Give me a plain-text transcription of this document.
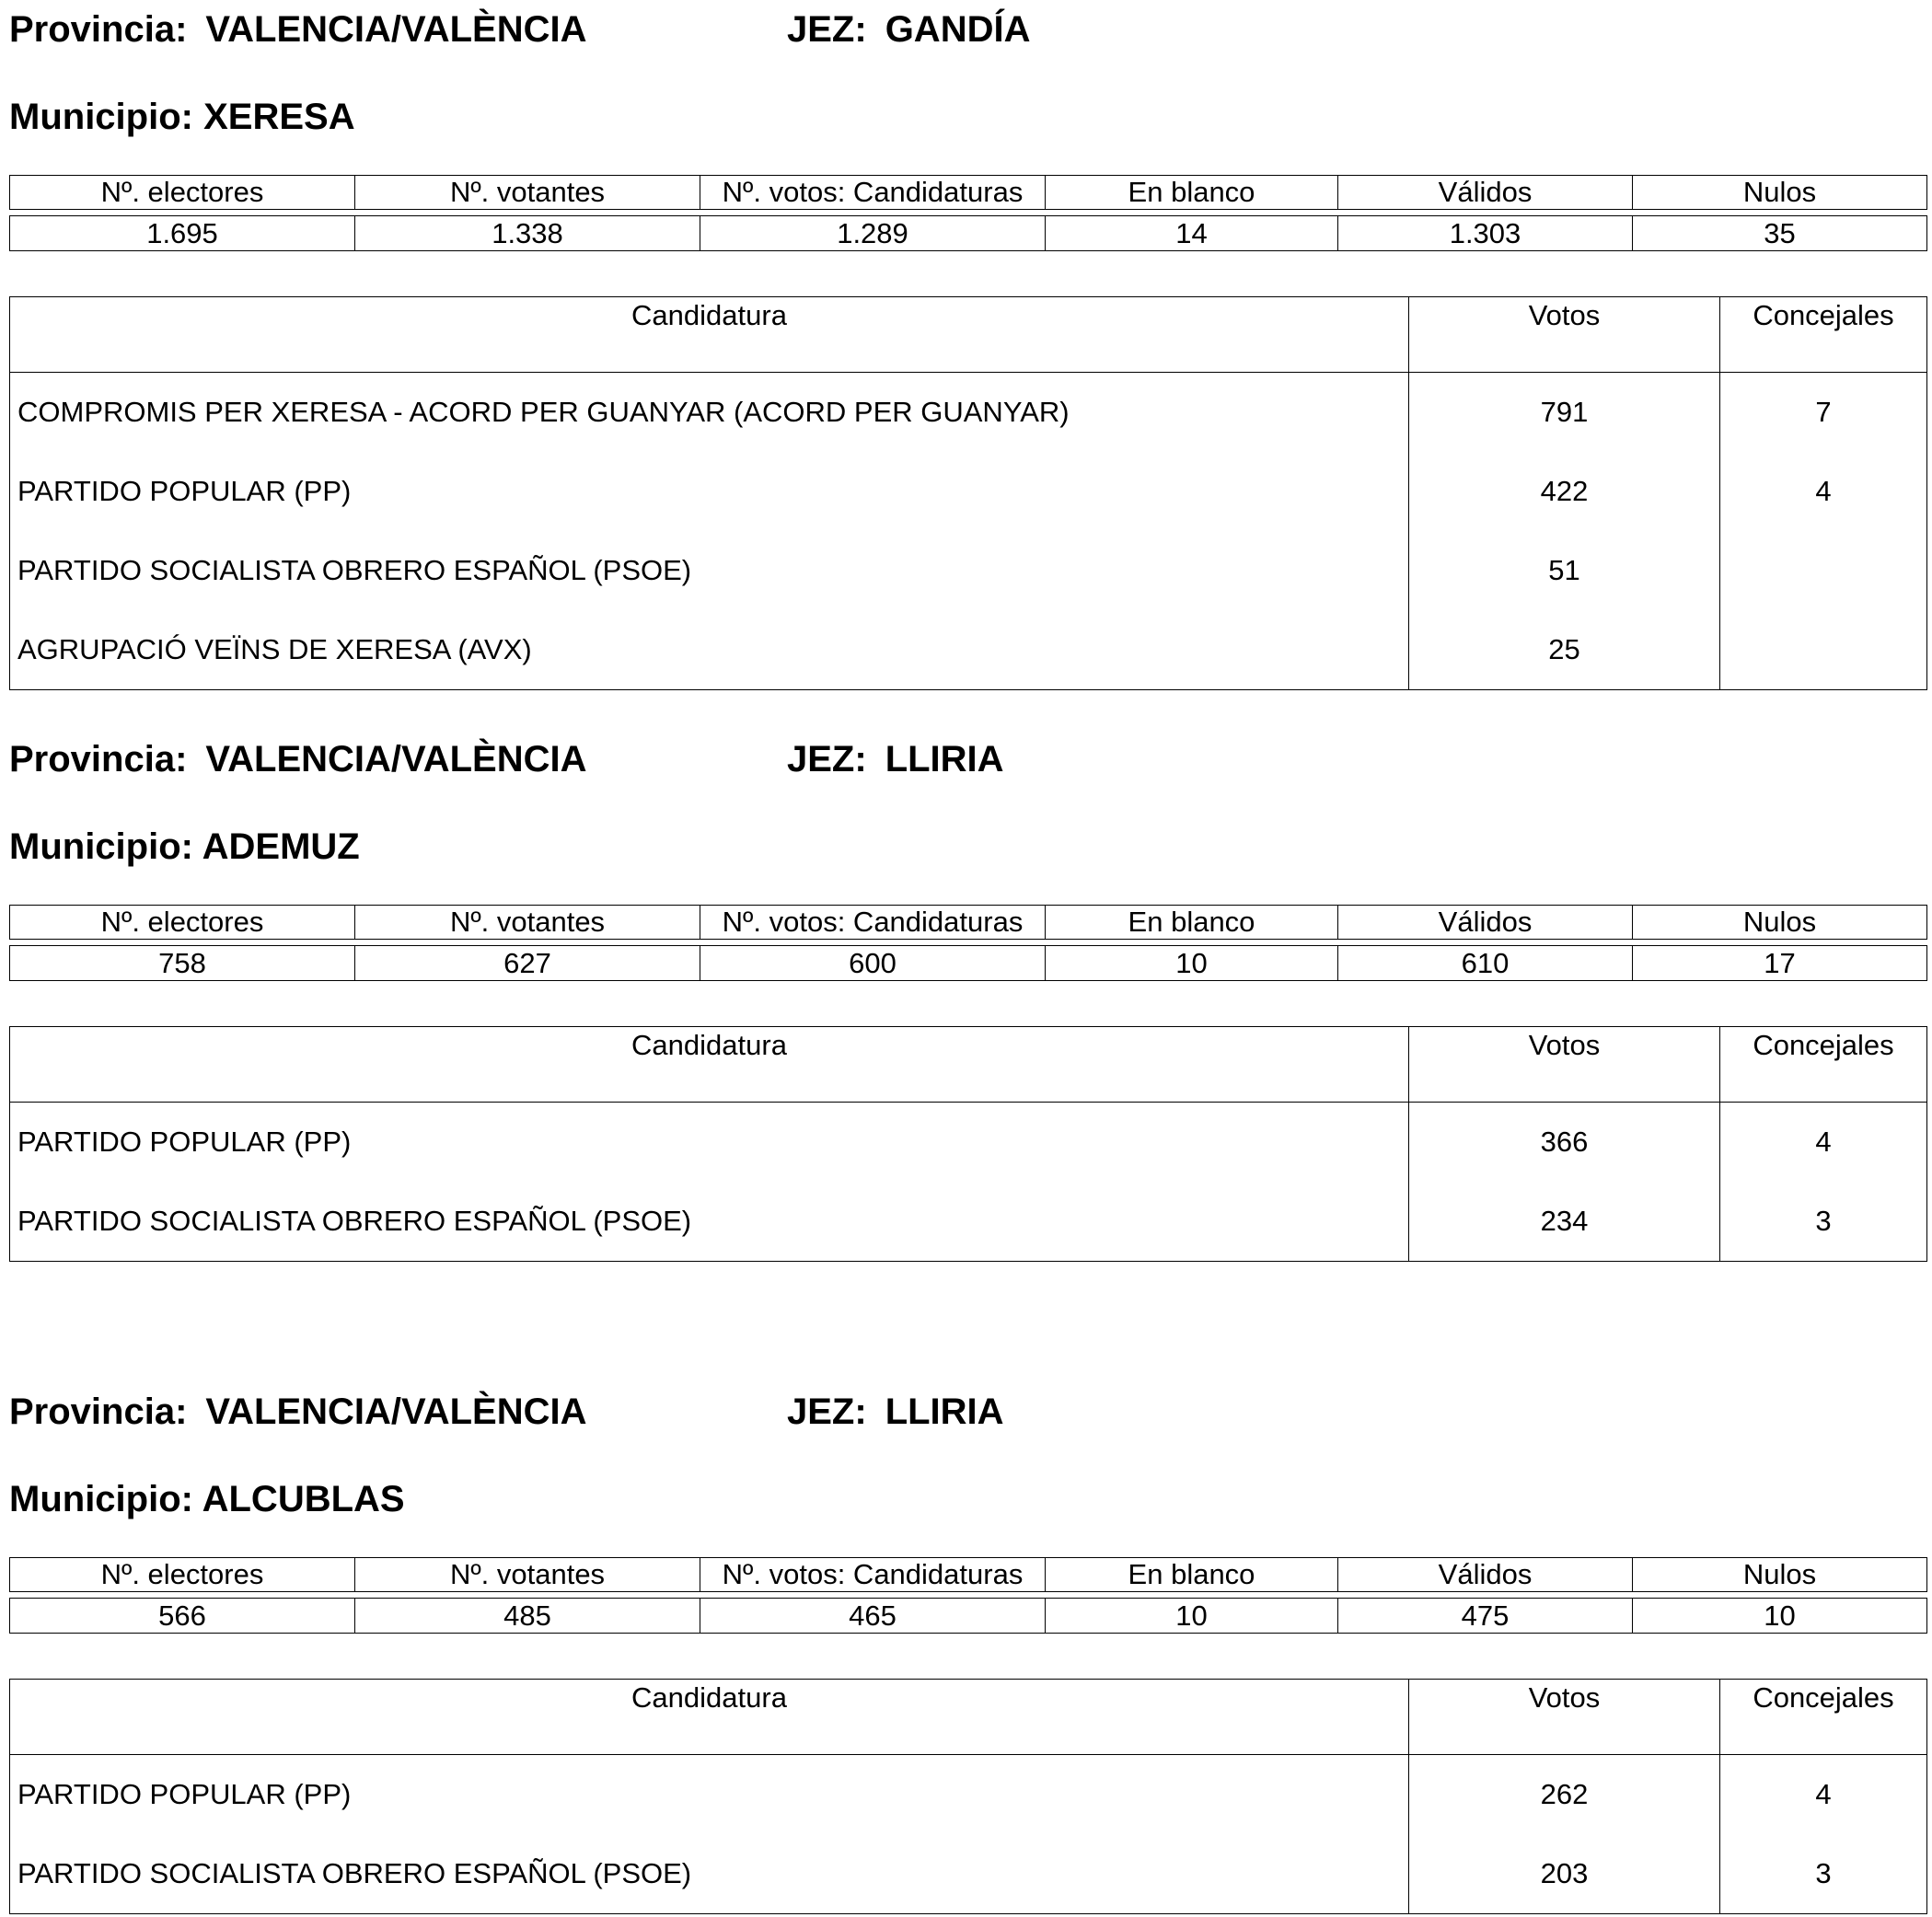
Provincia: VALENCIA/VALÈNCIA	JEZ: GANDÍA
Municipio: XERESA
Nº. electores	Nº. votantes	Nº. votos: Candidaturas	En blanco	Válidos	Nulos

1.695	1.338	1.289	14	1.303	35
Candidatura	Votos	Concejales
COMPROMIS PER XERESA - ACORD PER GUANYAR (ACORD PER GUANYAR)	791	7
PARTIDO POPULAR (PP)	422	4
PARTIDO SOCIALISTA OBRERO ESPAÑOL (PSOE)	51	
AGRUPACIÓ VEÏNS DE XERESA (AVX)	25	
Provincia: VALENCIA/VALÈNCIA	JEZ: LLIRIA
Municipio: ADEMUZ
Nº. electores	Nº. votantes	Nº. votos: Candidaturas	En blanco	Válidos	Nulos

758	627	600	10	610	17
Candidatura	Votos	Concejales
PARTIDO POPULAR (PP)	366	4
PARTIDO SOCIALISTA OBRERO ESPAÑOL (PSOE)	234	3
Provincia: VALENCIA/VALÈNCIA	JEZ: LLIRIA
Municipio: ALCUBLAS
Nº. electores	Nº. votantes	Nº. votos: Candidaturas	En blanco	Válidos	Nulos

566	485	465	10	475	10
Candidatura	Votos	Concejales
PARTIDO POPULAR (PP)	262	4
PARTIDO SOCIALISTA OBRERO ESPAÑOL (PSOE)	203	3
